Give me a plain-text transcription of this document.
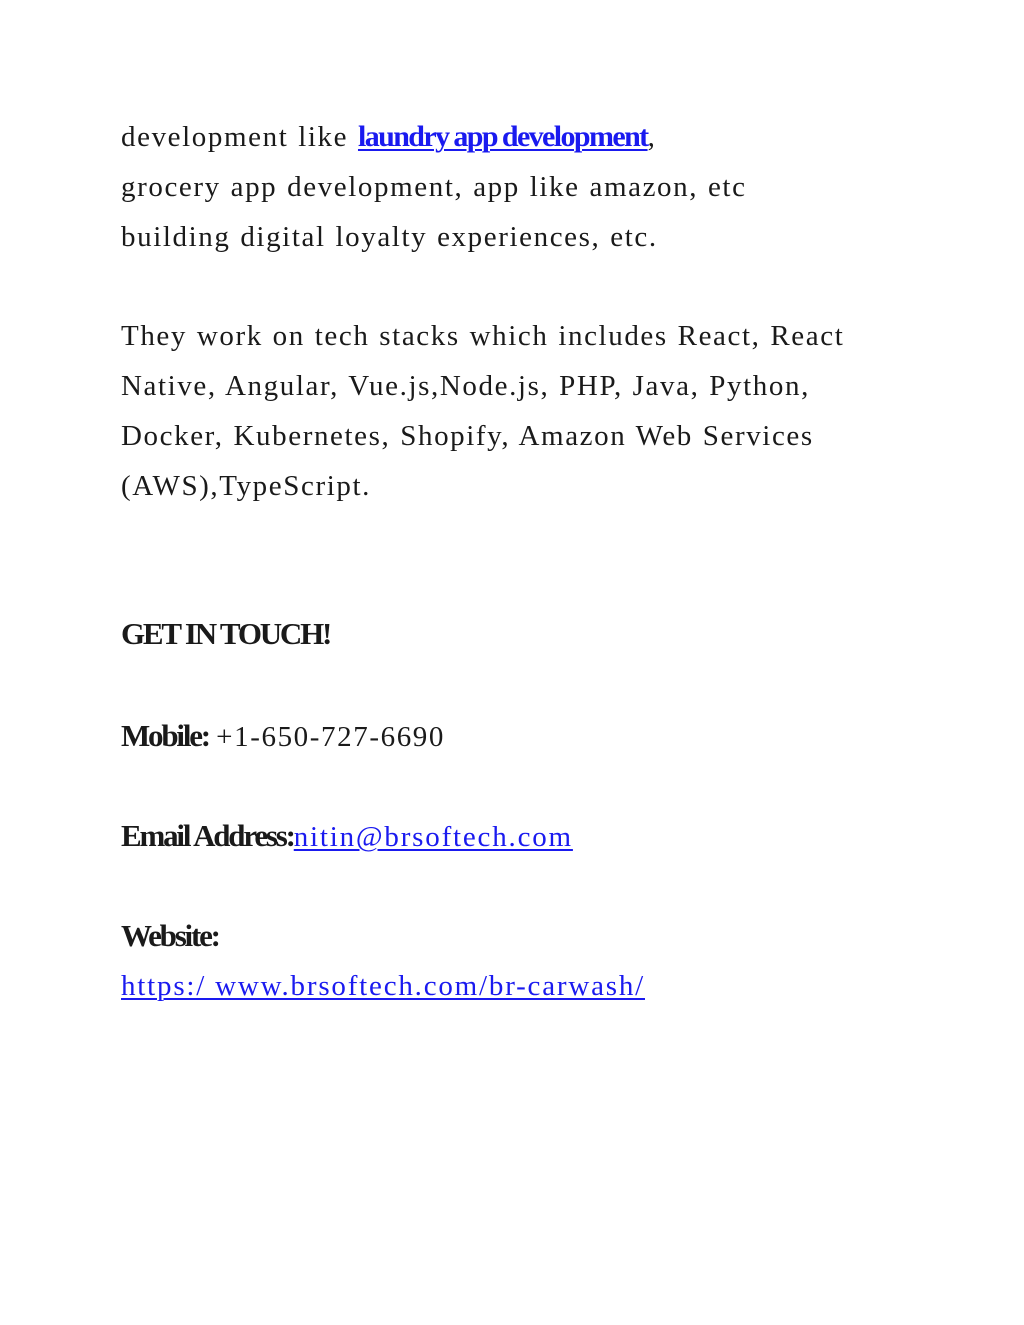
development like laundry app development,
grocery app development, app like amazon, etc
building digital loyalty experiences, etc.

They work on tech stacks which includes React, React Native, Angular, Vue.js,Node.js, PHP, Java, Python, Docker, Kubernetes, Shopify, Amazon Web Services (AWS),TypeScript.

GET IN TOUCH!

Mobile: +1-650-727-6690

Email Address:nitin@brsoftech.com

Website:

https:/ www.brsoftech.com/br-carwash/
